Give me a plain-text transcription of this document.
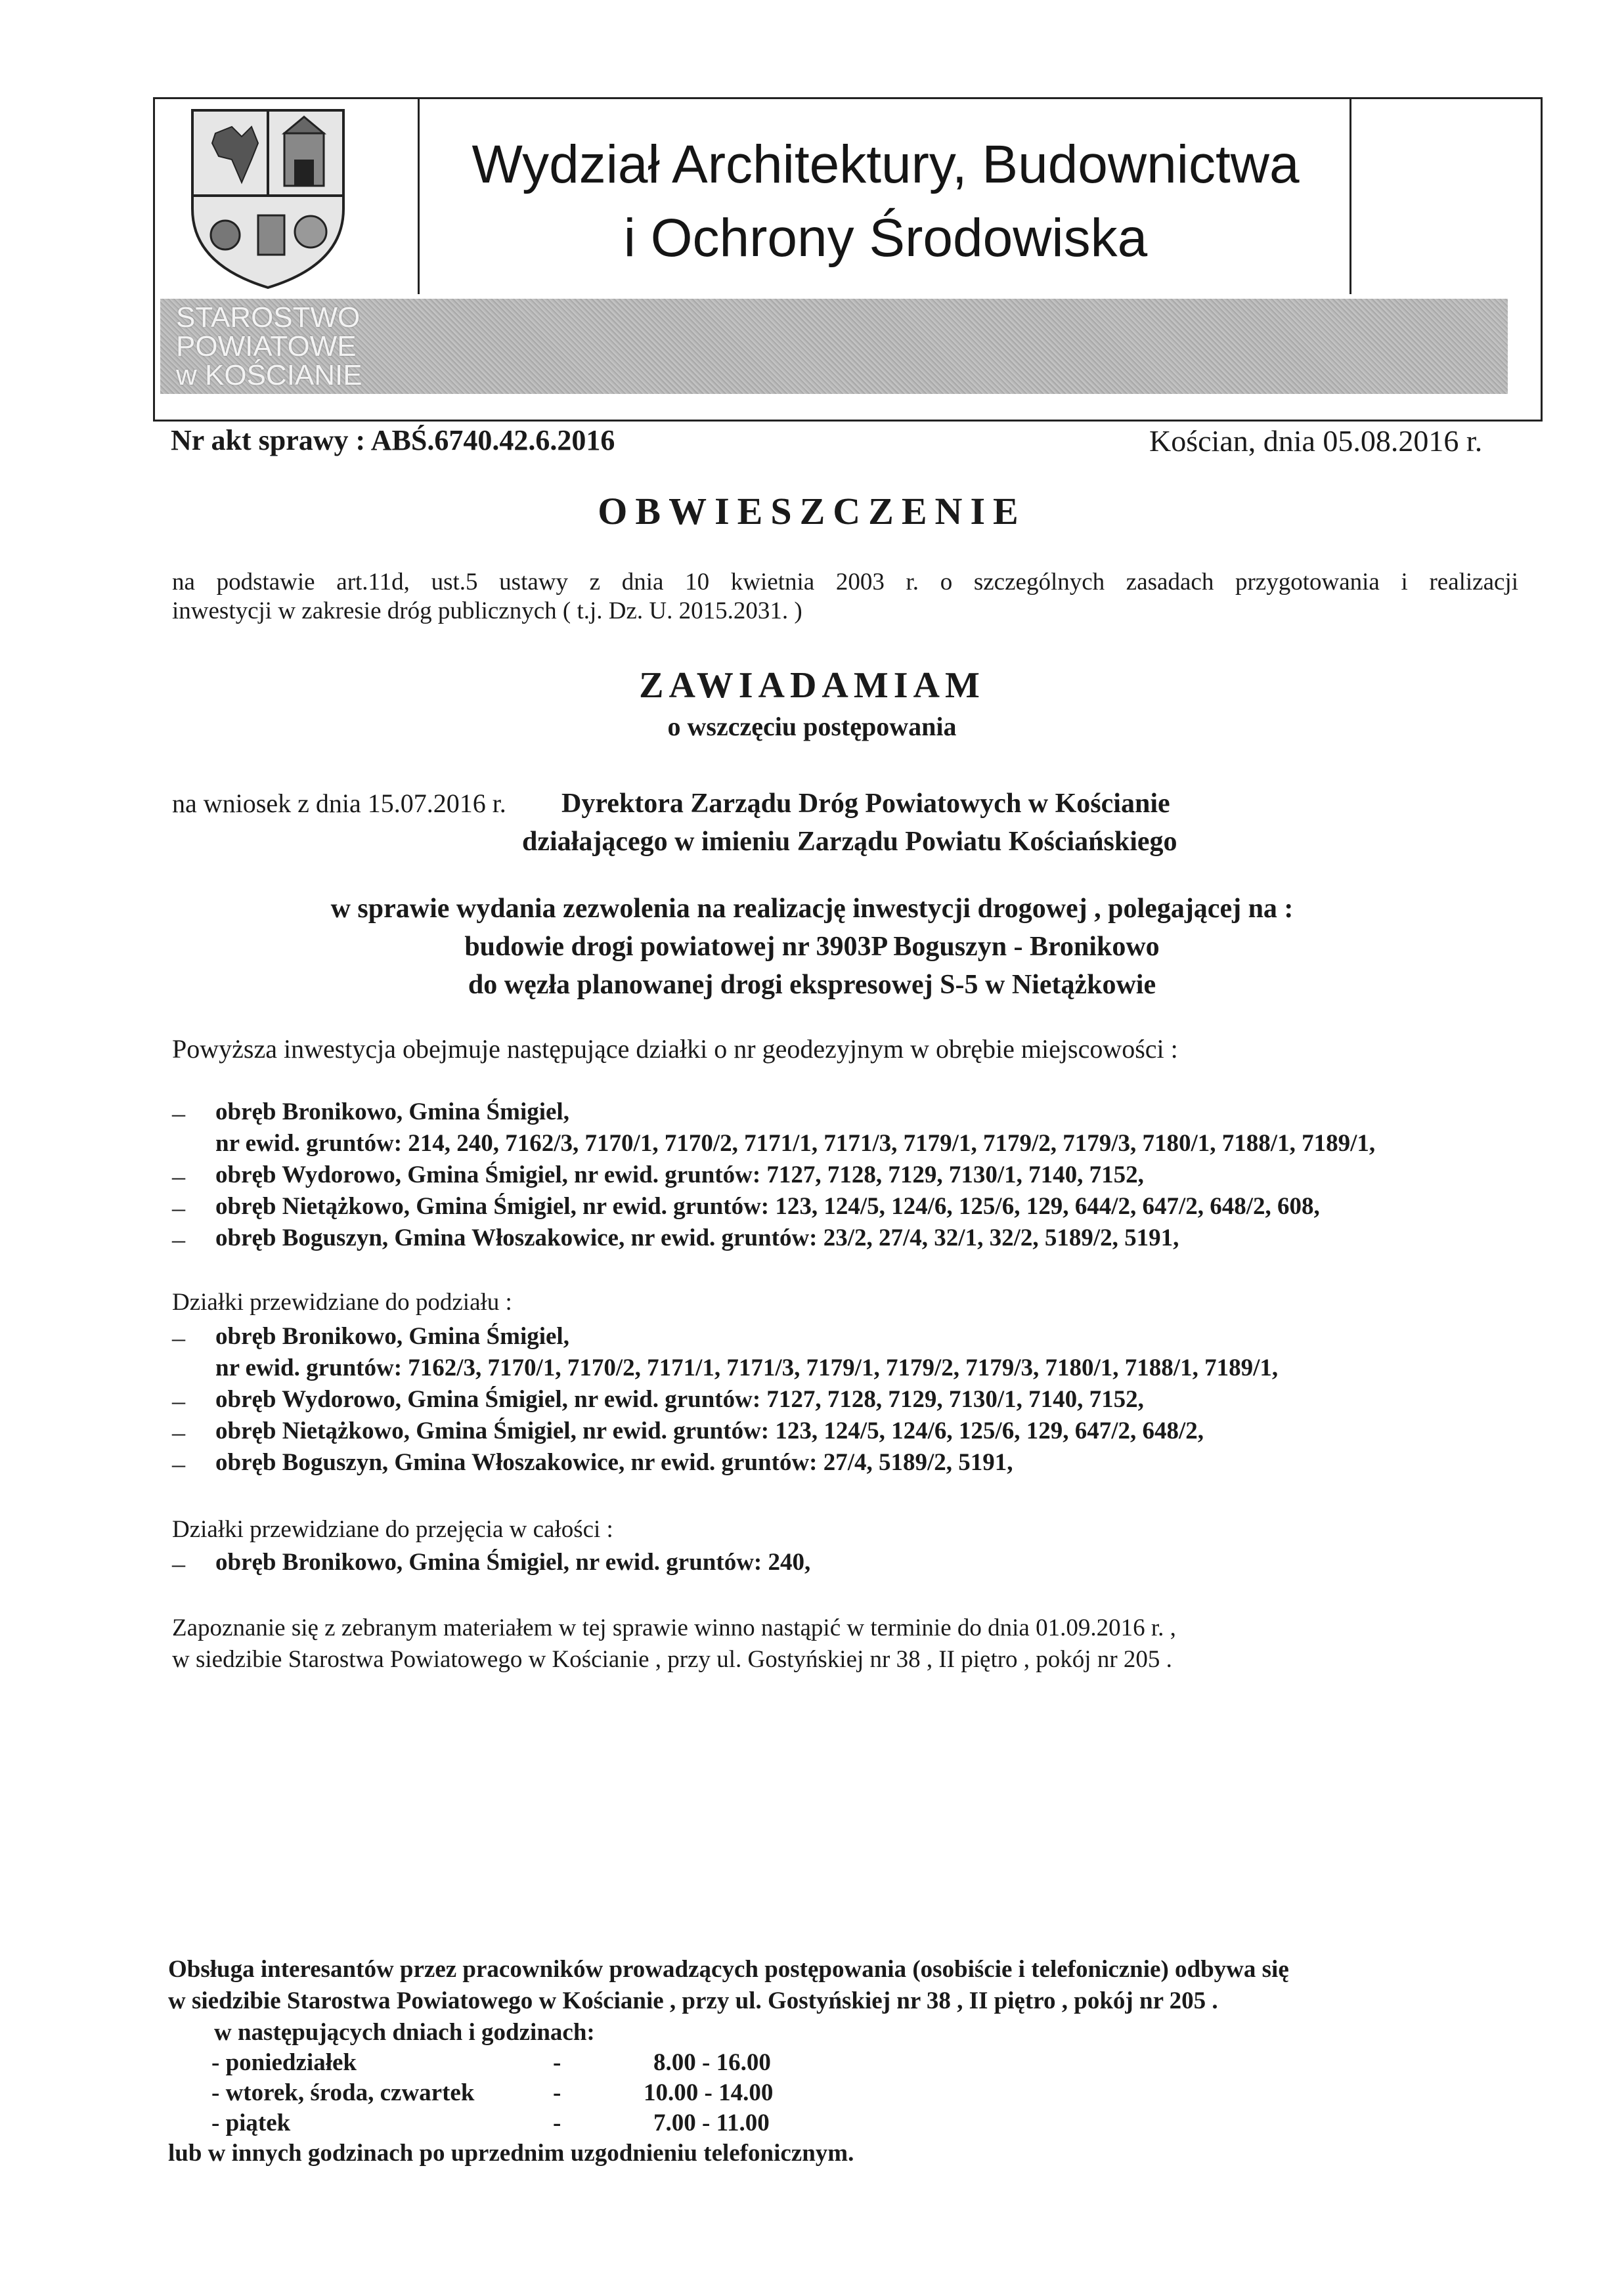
Wydział Architektury, Budownictwa
i Ochrony Środowiska
STAROSTWO
POWIATOWE
w KOŚCIANIE
Nr akt sprawy : ABŚ.6740.42.6.2016	Kościan, dnia 05.08.2016 r.
OBWIESZCZENIE
na podstawie art.11d, ust.5 ustawy z dnia 10 kwietnia 2003 r. o szczególnych zasadach przygotowania i realizacji
inwestycji w zakresie dróg publicznych ( t.j. Dz. U. 2015.2031. )
ZAWIADAMIAM
o wszczęciu postępowania
na wniosek z dnia 15.07.2016 r. Dyrektora Zarządu Dróg Powiatowych w Kościanie
działającego w imieniu Zarządu Powiatu Kościańskiego
w sprawie wydania zezwolenia na realizację inwestycji drogowej , polegającej na :
budowie drogi powiatowej nr 3903P Boguszyn - Bronikowo
do węzła planowanej drogi ekspresowej S-5 w Nietążkowie
Powyższa inwestycja obejmuje następujące działki o nr geodezyjnym w obrębie miejscowości :
– obręb Bronikowo, Gmina Śmigiel,
nr ewid. gruntów: 214, 240, 7162/3, 7170/1, 7170/2, 7171/1, 7171/3, 7179/1, 7179/2, 7179/3, 7180/1, 7188/1, 7189/1,
– obręb Wydorowo, Gmina Śmigiel, nr ewid. gruntów: 7127, 7128, 7129, 7130/1, 7140, 7152,
– obręb Nietążkowo, Gmina Śmigiel, nr ewid. gruntów: 123, 124/5, 124/6, 125/6, 129, 644/2, 647/2, 648/2, 608,
– obręb Boguszyn, Gmina Włoszakowice, nr ewid. gruntów: 23/2, 27/4, 32/1, 32/2, 5189/2, 5191,
Działki przewidziane do podziału :
– obręb Bronikowo, Gmina Śmigiel,
nr ewid. gruntów: 7162/3, 7170/1, 7170/2, 7171/1, 7171/3, 7179/1, 7179/2, 7179/3, 7180/1, 7188/1, 7189/1,
– obręb Wydorowo, Gmina Śmigiel, nr ewid. gruntów: 7127, 7128, 7129, 7130/1, 7140, 7152,
– obręb Nietążkowo, Gmina Śmigiel, nr ewid. gruntów: 123, 124/5, 124/6, 125/6, 129, 647/2, 648/2,
– obręb Boguszyn, Gmina Włoszakowice, nr ewid. gruntów: 27/4, 5189/2, 5191,
Działki przewidziane do przejęcia w całości :
– obręb Bronikowo, Gmina Śmigiel, nr ewid. gruntów: 240,
Zapoznanie się z zebranym materiałem w tej sprawie winno nastąpić w terminie do dnia 01.09.2016 r. ,
w siedzibie Starostwa Powiatowego w Kościanie , przy ul. Gostyńskiej nr 38 , II piętro , pokój nr 205 .
Obsługa interesantów przez pracowników prowadzących postępowania (osobiście i telefonicznie) odbywa się
w siedzibie Starostwa Powiatowego w Kościanie , przy ul. Gostyńskiej nr 38 , II piętro , pokój nr 205 .
w następujących dniach i godzinach:
- poniedziałek	-	8.00 - 16.00
- wtorek, środa, czwartek	-	10.00 - 14.00
- piątek	-	7.00 - 11.00
lub w innych godzinach po uprzednim uzgodnieniu telefonicznym.
